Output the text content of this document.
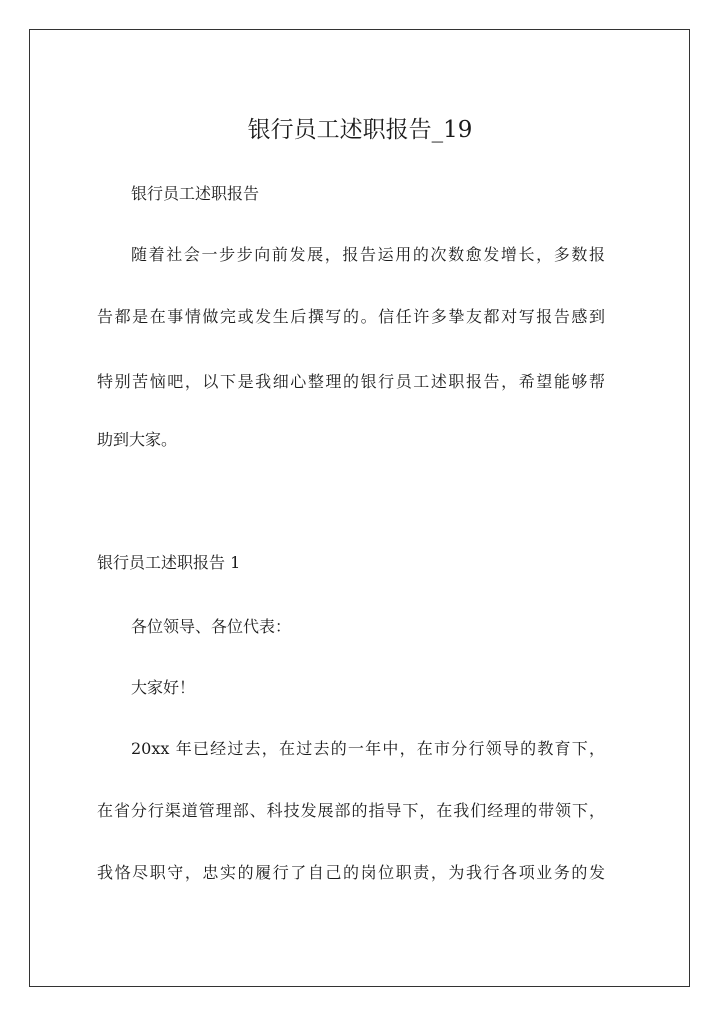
银行员工述职报告_19
银行员工述职报告
随着社会一步步向前发展，报告运用的次数愈发增长，多数报
告都是在事情做完或发生后撰写的。信任许多挚友都对写报告感到
特别苦恼吧，以下是我细心整理的银行员工述职报告，希望能够帮
助到大家。
银行员工述职报告 1
各位领导、各位代表：
大家好！
20xx 年已经过去，在过去的一年中，在市分行领导的教育下，
在省分行渠道管理部、科技发展部的指导下，在我们经理的带领下，
我恪尽职守，忠实的履行了自己的岗位职责，为我行各项业务的发
